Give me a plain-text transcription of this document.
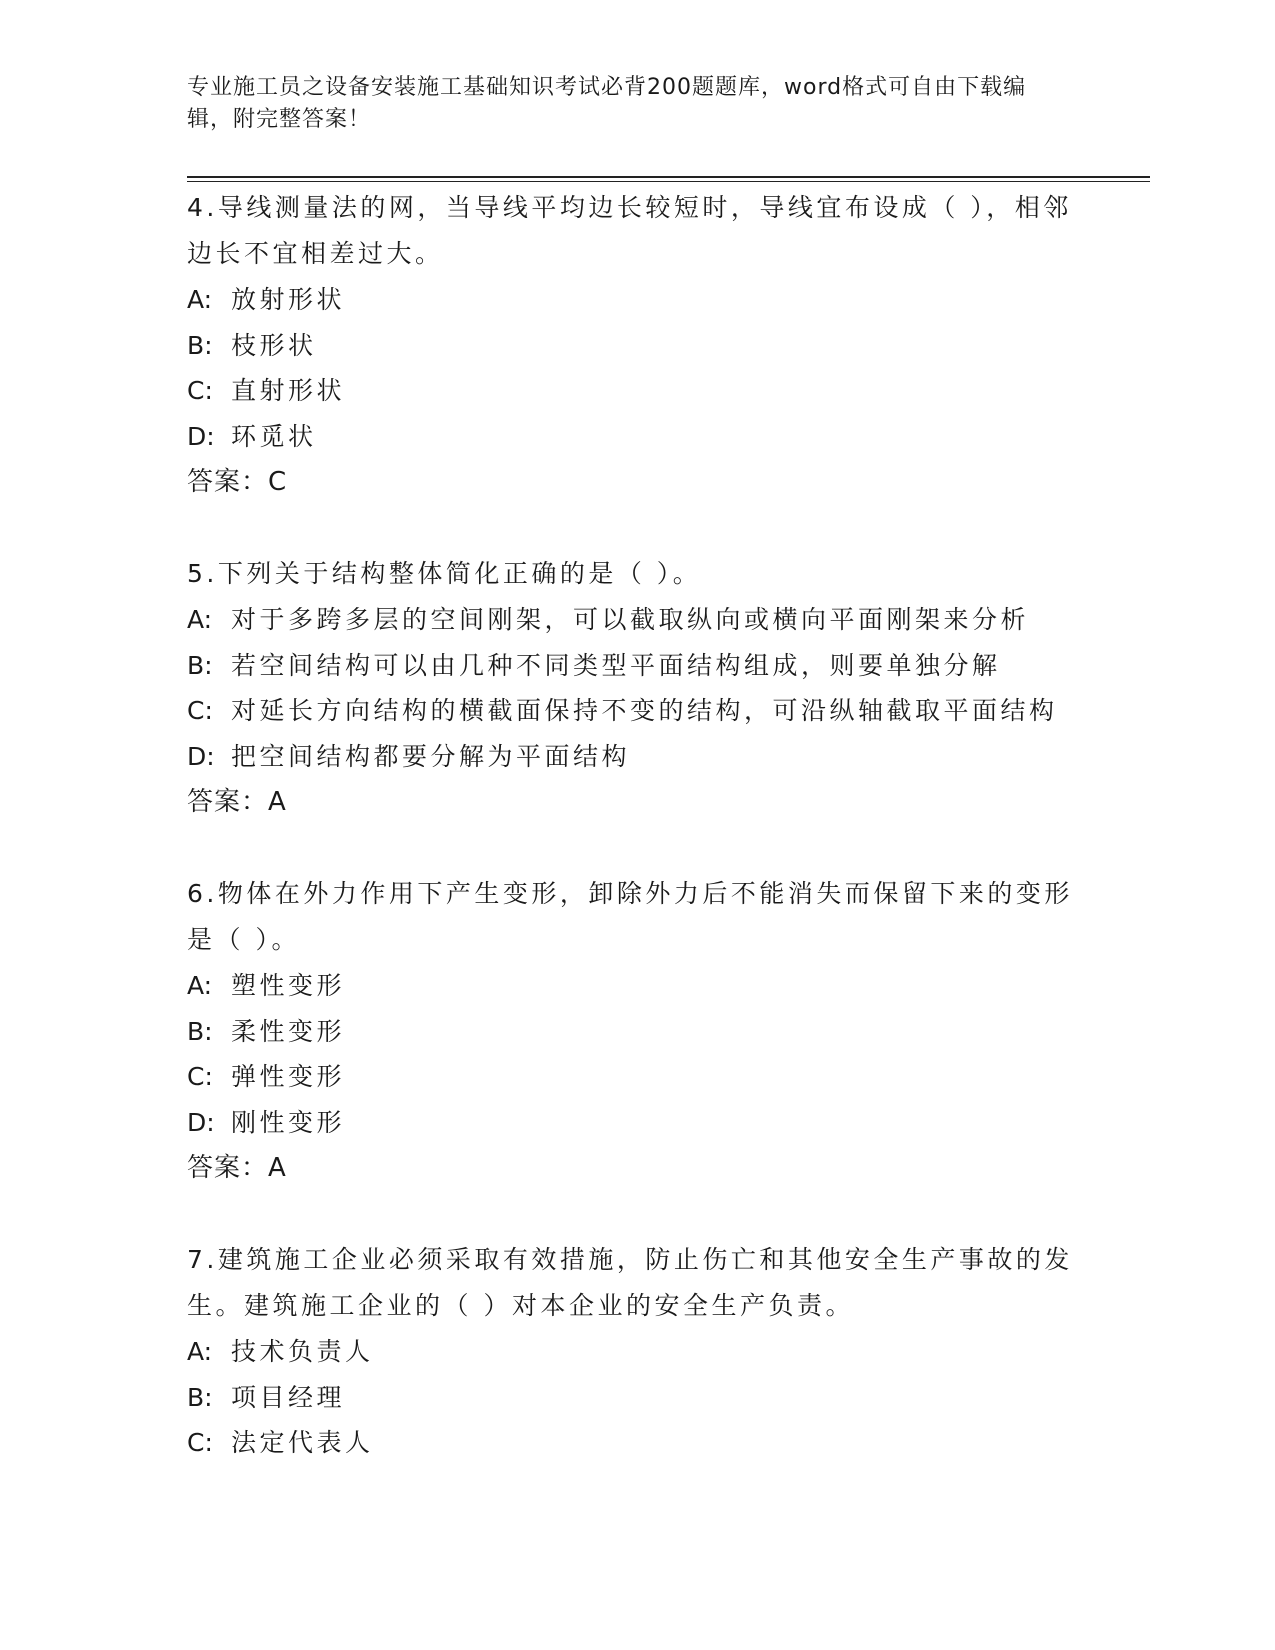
专业施工员之设备安装施工基础知识考试必背200题题库，word格式可自由下载编辑，附完整答案！

4.导线测量法的网，当导线平均边长较短时，导线宜布设成（ ），相邻边长不宜相差过大。

A: 放射形状

B: 枝形状

C: 直射形状

D: 环觅状

答案：C

5.下列关于结构整体简化正确的是（ ）。

A: 对于多跨多层的空间刚架，可以截取纵向或横向平面刚架来分析

B: 若空间结构可以由几种不同类型平面结构组成，则要单独分解

C: 对延长方向结构的横截面保持不变的结构，可沿纵轴截取平面结构

D: 把空间结构都要分解为平面结构

答案：A

6.物体在外力作用下产生变形，卸除外力后不能消失而保留下来的变形是（ ）。

A: 塑性变形

B: 柔性变形

C: 弹性变形

D: 刚性变形

答案：A

7.建筑施工企业必须采取有效措施，防止伤亡和其他安全生产事故的发生。建筑施工企业的（ ）对本企业的安全生产负责。

A: 技术负责人

B: 项目经理

C: 法定代表人
